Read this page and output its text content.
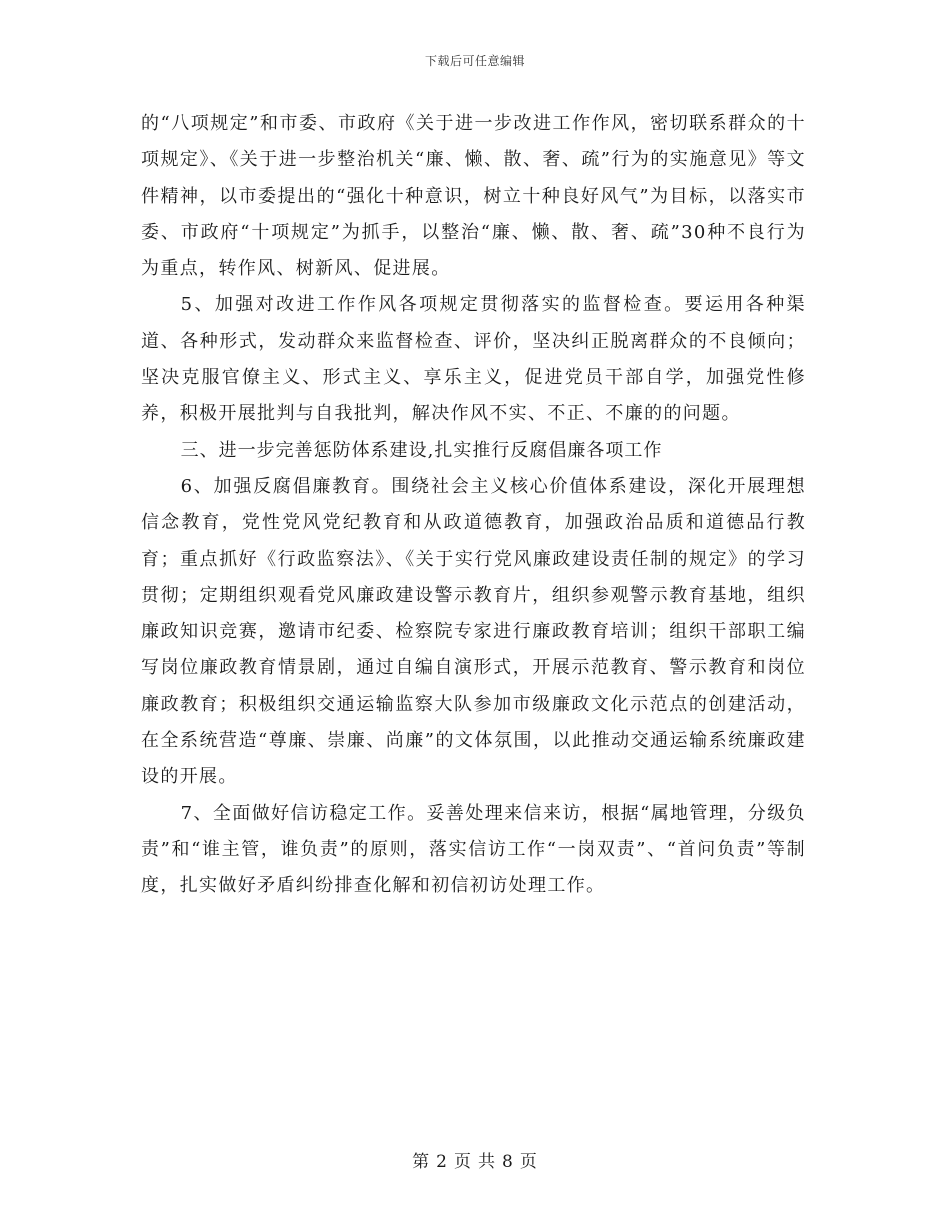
下载后可任意编辑

的“八项规定”和市委、市政府《关于进一步改进工作作风，密切联系群众的十项规定》、《关于进一步整治机关“廉、懒、散、奢、疏”行为的实施意见》等文件精神，以市委提出的“强化十种意识，树立十种良好风气”为目标，以落实市委、市政府“十项规定”为抓手，以整治“廉、懒、散、奢、疏”30种不良行为为重点，转作风、树新风、促进展。

5、加强对改进工作作风各项规定贯彻落实的监督检查。要运用各种渠道、各种形式，发动群众来监督检查、评价，坚决纠正脱离群众的不良倾向；坚决克服官僚主义、形式主义、享乐主义，促进党员干部自学，加强党性修养，积极开展批判与自我批判，解决作风不实、不正、不廉的的问题。

三、进一步完善惩防体系建设,扎实推行反腐倡廉各项工作

6、加强反腐倡廉教育。围绕社会主义核心价值体系建设，深化开展理想信念教育，党性党风党纪教育和从政道德教育，加强政治品质和道德品行教育；重点抓好《行政监察法》、《关于实行党风廉政建设责任制的规定》的学习贯彻；定期组织观看党风廉政建设警示教育片，组织参观警示教育基地，组织廉政知识竞赛，邀请市纪委、检察院专家进行廉政教育培训；组织干部职工编写岗位廉政教育情景剧，通过自编自演形式，开展示范教育、警示教育和岗位廉政教育；积极组织交通运输监察大队参加市级廉政文化示范点的创建活动，在全系统营造“尊廉、崇廉、尚廉”的文体氛围，以此推动交通运输系统廉政建设的开展。

7、全面做好信访稳定工作。妥善处理来信来访，根据“属地管理，分级负责”和“谁主管，谁负责”的原则，落实信访工作“一岗双责”、“首问负责”等制度，扎实做好矛盾纠纷排查化解和初信初访处理工作。

第 2 页 共 8 页
